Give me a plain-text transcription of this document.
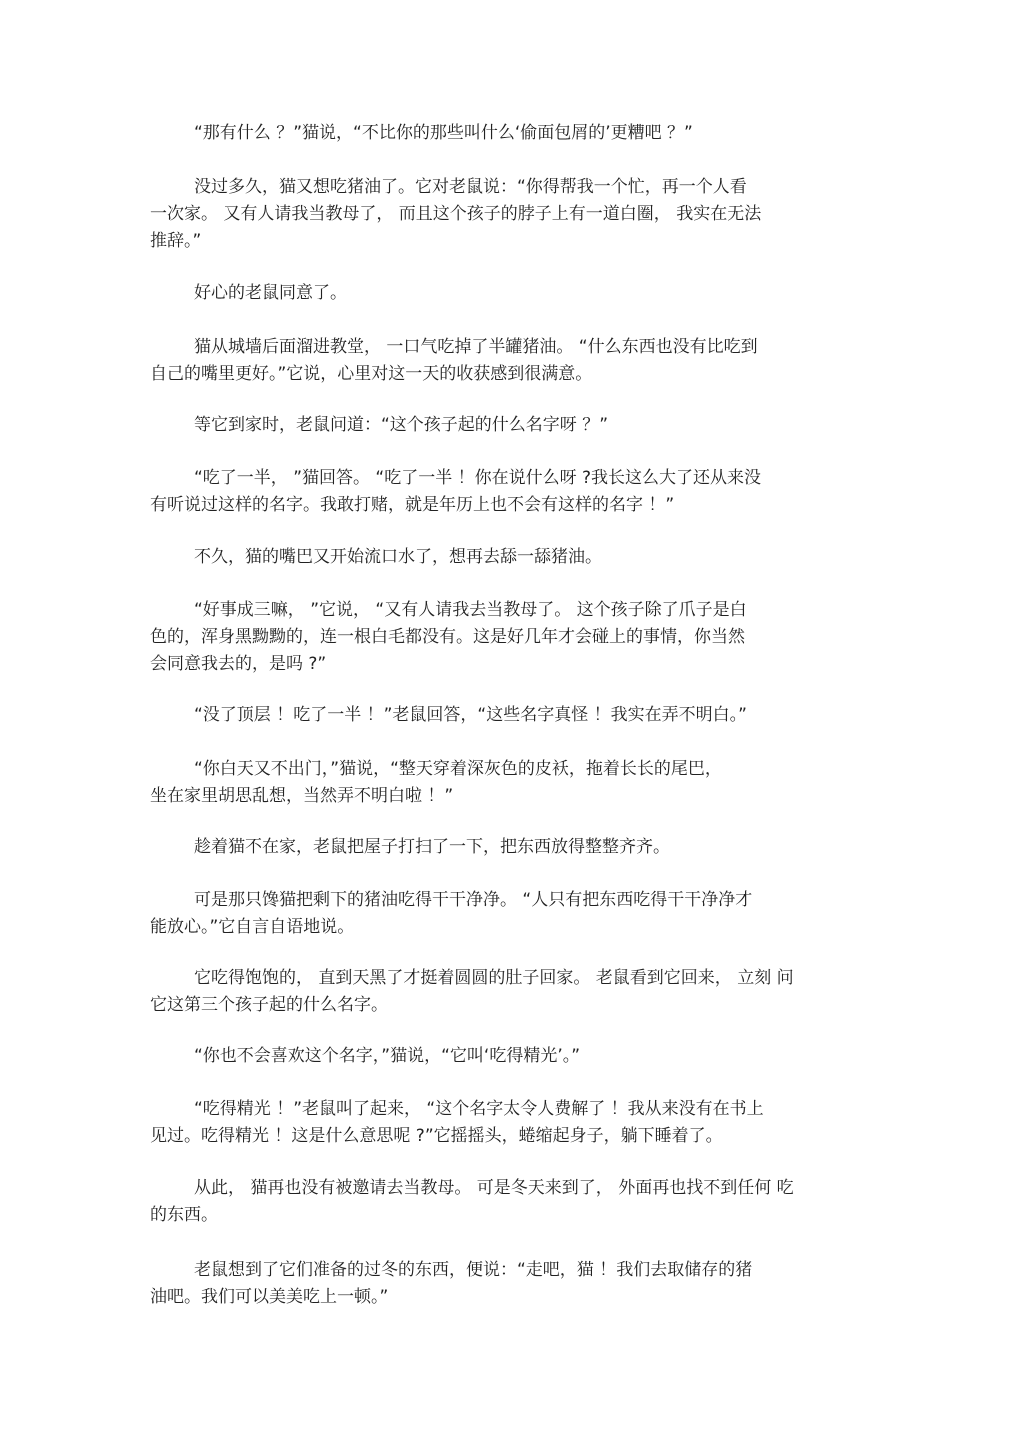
“那有什么 ？”猫说，“不比你的那些叫什么‘偷面包屑的’更糟吧 ？”
没过多久，猫又想吃猪油了。它对老鼠说：“你得帮我一个忙，再一个人看
一次家。 又有人请我当教母了， 而且这个孩子的脖子上有一道白圈， 我实在无法
推辞。”
好心的老鼠同意了。
猫从城墙后面溜进教堂， 一口气吃掉了半罐猪油。 “什么东西也没有比吃到
自己的嘴里更好。”它说，心里对这一天的收获感到很满意。
等它到家时，老鼠问道：“这个孩子起的什么名字呀 ？”
“吃了一半， ”猫回答。 “吃了一半 ！你在说什么呀 ?我长这么大了还从来没
有听说过这样的名字。我敢打赌，就是年历上也不会有这样的名字 ！”
不久，猫的嘴巴又开始流口水了，想再去舔一舔猪油。
“好事成三嘛， ”它说， “又有人请我去当教母了。 这个孩子除了爪子是白
色的，浑身黑黝黝的，连一根白毛都没有。这是好几年才会碰上的事情，你当然
会同意我去的，是吗 ?”
“没了顶层 ！吃了一半 ！”老鼠回答，“这些名字真怪 ！我实在弄不明白。”
“你白天又不出门，”猫说，“整天穿着深灰色的皮袄，拖着长长的尾巴，
坐在家里胡思乱想，当然弄不明白啦 ！”
趁着猫不在家，老鼠把屋子打扫了一下，把东西放得整整齐齐。
可是那只馋猫把剩下的猪油吃得干干净净。 “人只有把东西吃得干干净净才
能放心。”它自言自语地说。
它吃得饱饱的， 直到天黑了才挺着圆圆的肚子回家。 老鼠看到它回来， 立刻 问
它这第三个孩子起的什么名字。
“你也不会喜欢这个名字，”猫说，“它叫‘吃得精光’。”
“吃得精光 ！”老鼠叫了起来， “这个名字太令人费解了 ！我从来没有在书上
见过。吃得精光 ！这是什么意思呢 ?”它摇摇头，蜷缩起身子，躺下睡着了。
从此， 猫再也没有被邀请去当教母。 可是冬天来到了， 外面再也找不到任何 吃
的东西。
老鼠想到了它们准备的过冬的东西，便说：“走吧，猫 ！我们去取储存的猪
油吧。我们可以美美吃上一顿。”
